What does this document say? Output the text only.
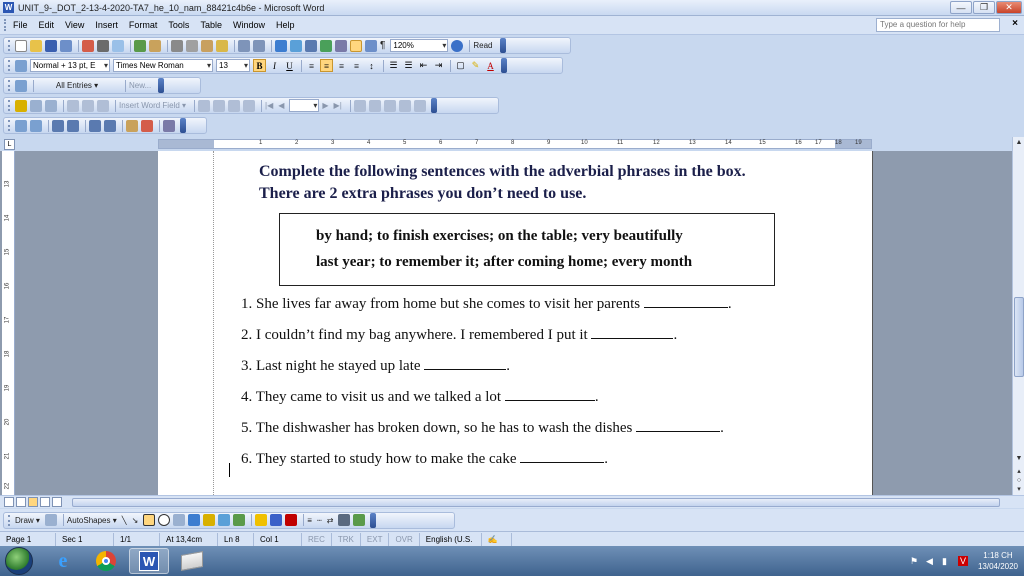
W UNIT_9-_DOT_2-13-4-2020-TA7_he_10_nam_88421c4b6e - Microsoft Word	—	❐	✕
File Edit View Insert Format Tools Table Window Help	Type a question for help	×
¶	120% ▾	Read
Normal + 13 pt, E ▾	Times New Roman ▾	13 ▾	B	I	U	≡	≡	≡	≡	↕	☰ ☰ ⇤ ⇥	▢ ✎ A
All Entries ▾	New...
Insert Word Field ▾	|◀ ◀
▾	▶ ▶|
L	1	2	3	4	5	6	7	8	9	10	11	12	13	14	15	16 17 18 19
13
14
15
16
17
18
19
20
21
22
Complete the following sentences with the adverbial phrases in the box.
There are 2 extra phrases you don’t need to use.
by hand; to finish exercises; on the table; very beautifully
last year; to remember it; after coming home; every month
1. She lives far away from home but she comes to visit her parents	.
2. I couldn’t find my bag anywhere. I remembered I put it	.
3. Last night he stayed up late	.
4. They came to visit us and we talked a lot	.
5. The dishwasher has broken down, so he has to wash the dishes	.
6. They started to study how to make the cake	.
▲
▼
▴
○
▾
Draw ▾	AutoShapes ▾ ╲ ↘	≡ ┄ ⇄
Page 1	Sec 1	1/1	At 13,4cm	Ln 8	Col 1	REC	TRK	EXT	OVR	English (U.S.	✍
e	W	⚑ ◀	▮	V
1:18 CH
13/04/2020
